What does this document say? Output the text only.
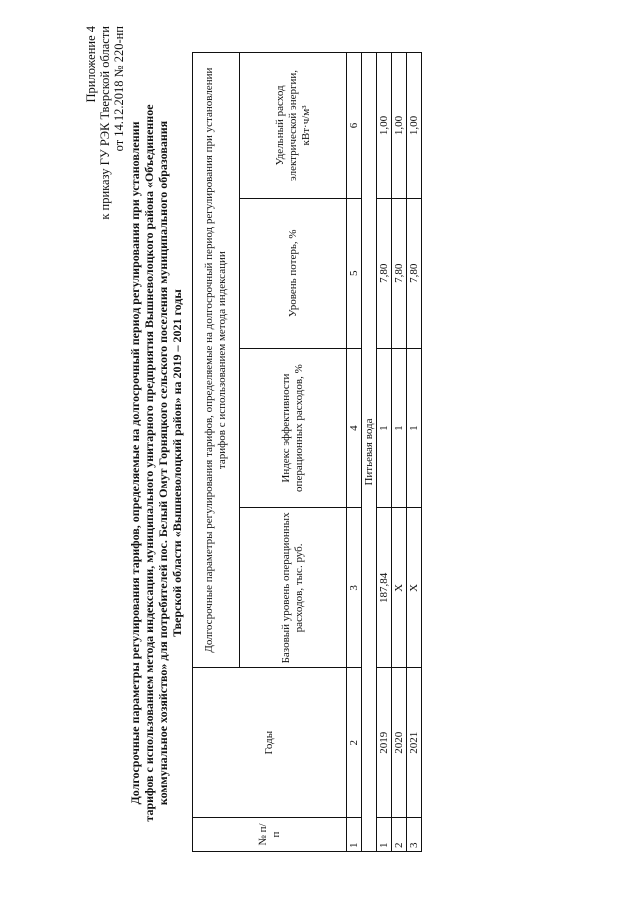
Приложение 4 к приказу ГУ РЭК Тверской области от 14.12.2018 № 220-нп
Долгосрочные параметры регулирования тарифов, определяемые на долгосрочный период регулирования при установлении тарифов с использованием метода индексации, муниципального унитарного предприятия Вышневолоцкого района «Объединенное коммунальное хозяйство» для потребителей пос. Белый Омут Горняцкого сельского поселения муниципального образования Тверской области «Вышневолоцкий район» на 2019 – 2021 годы
№ п/п	Годы	Долгосрочные параметры регулирования тарифов, определяемые на долгосрочный период регулирования при установлении тарифов с использованием метода индексации			
		Базовый уровень операционных расходов, тыс. руб.	Индекс эффективности операционных расходов, %	Уровень потерь, %	Удельный расход электрической энергии, кВт·ч/м³
1	2	3	4	5	6
Питьевая вода					
1	2019	187,84	1	7,80	1,00
2	2020	Х	1	7,80	1,00
3	2021	Х	1	7,80	1,00
